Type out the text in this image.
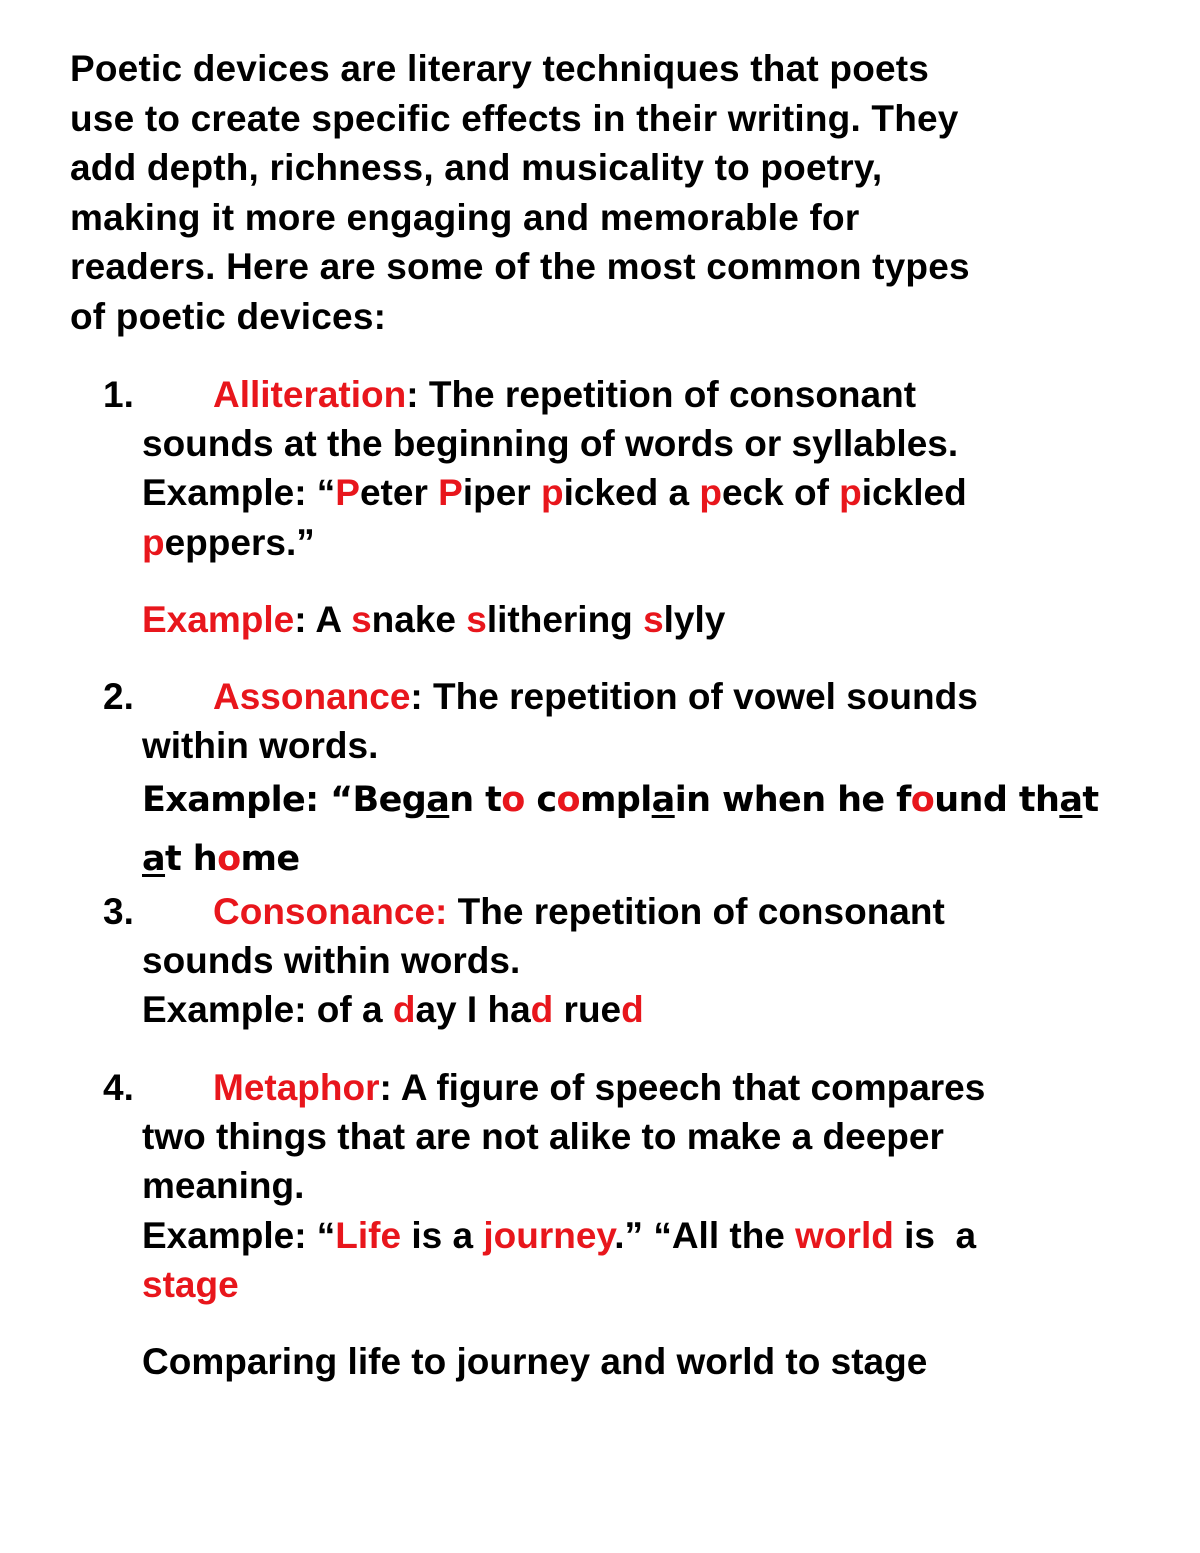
Poetic devices are literary techniques that poets
use to create specific effects in their writing. They
add depth, richness, and musicality to poetry,
making it more engaging and memorable for
readers. Here are some of the most common types
of poetic devices:
1. Alliteration: The repetition of consonant
sounds at the beginning of words or syllables.
Example: “Peter Piper picked a peck of pickled
peppers.”
Example: A snake slithering slyly
2. Assonance: The repetition of vowel sounds
within words.
Example: “Began to complain when he found that
at home
3. Consonance: The repetition of consonant
sounds within words.
Example: of a day I had rued
4. Metaphor: A figure of speech that compares
two things that are not alike to make a deeper
meaning.
Example: “Life is a journey.” “All the world is  a
stage
Comparing life to journey and world to stage
